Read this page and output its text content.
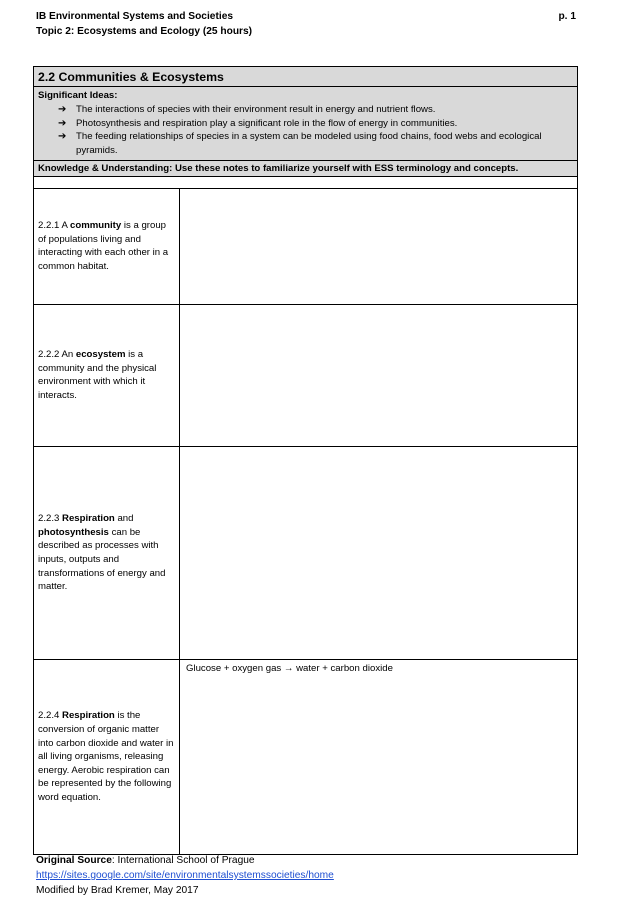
IB Environmental Systems and Societies	p. 1
Topic 2: Ecosystems and Ecology (25 hours)
2.2 Communities & Ecosystems
Significant Ideas:
➔ The interactions of species with their environment result in energy and nutrient flows.
➔ Photosynthesis and respiration play a significant role in the flow of energy in communities.
➔ The feeding relationships of species in a system can be modeled using food chains, food webs and ecological pyramids.
Knowledge & Understanding: Use these notes to familiarize yourself with ESS terminology and concepts.
2.2.1 A community is a group of populations living and interacting with each other in a common habitat.
2.2.2 An ecosystem is a community and the physical environment with which it interacts.
2.2.3 Respiration and photosynthesis can be described as processes with inputs, outputs and transformations of energy and matter.
2.2.4 Respiration is the conversion of organic matter into carbon dioxide and water in all living organisms, releasing energy. Aerobic respiration can be represented by the following word equation.
Glucose + oxygen gas → water + carbon dioxide
Original Source: International School of Prague
https://sites.google.com/site/environmentalsystemssocieties/home
Modified by Brad Kremer, May 2017
